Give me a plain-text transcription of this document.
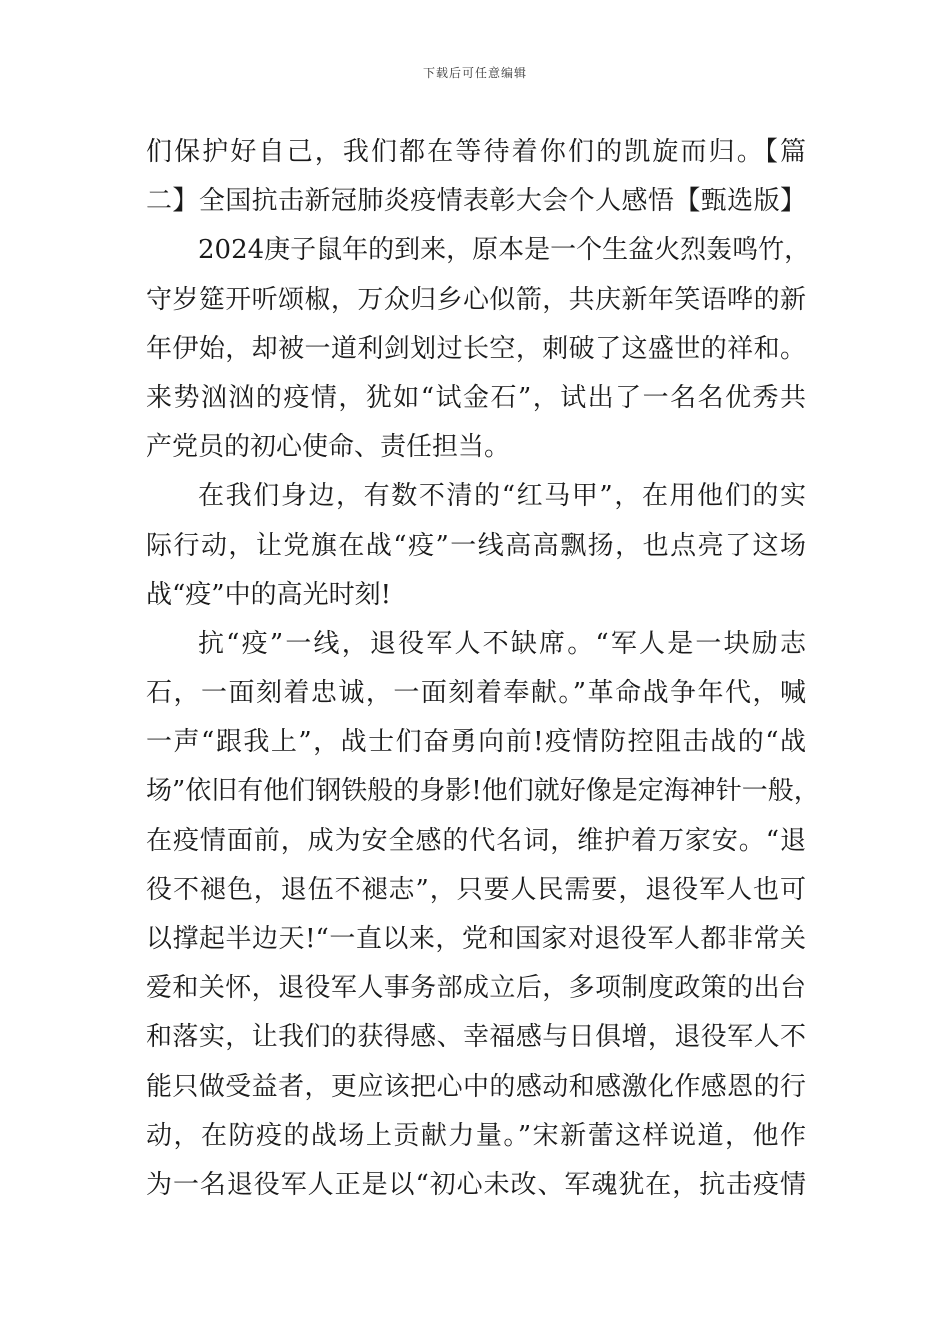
下载后可任意编辑
们保护好自己，我们都在等待着你们的凯旋而归。【篇
二】全国抗击新冠肺炎疫情表彰大会个人感悟【甄选版】
2024庚子鼠年的到来，原本是一个生盆火烈轰鸣竹，
守岁筵开听颂椒，万众归乡心似箭，共庆新年笑语哗的新
年伊始，却被一道利剑划过长空，刺破了这盛世的祥和。
来势汹汹的疫情，犹如“试金石”，试出了一名名优秀共
产党员的初心使命、责任担当。
在我们身边，有数不清的“红马甲”，在用他们的实
际行动，让党旗在战“疫”一线高高飘扬，也点亮了这场
战“疫”中的高光时刻!
抗“疫”一线，退役军人不缺席。“军人是一块励志
石，一面刻着忠诚，一面刻着奉献。”革命战争年代，喊
一声“跟我上”，战士们奋勇向前!疫情防控阻击战的“战
场”依旧有他们钢铁般的身影!他们就好像是定海神针一般，
在疫情面前，成为安全感的代名词，维护着万家安。“退
役不褪色，退伍不褪志”，只要人民需要，退役军人也可
以撑起半边天!“一直以来，党和国家对退役军人都非常关
爱和关怀，退役军人事务部成立后，多项制度政策的出台
和落实，让我们的获得感、幸福感与日俱增，退役军人不
能只做受益者，更应该把心中的感动和感激化作感恩的行
动，在防疫的战场上贡献力量。”宋新蕾这样说道，他作
为一名退役军人正是以“初心未改、军魂犹在，抗击疫情
